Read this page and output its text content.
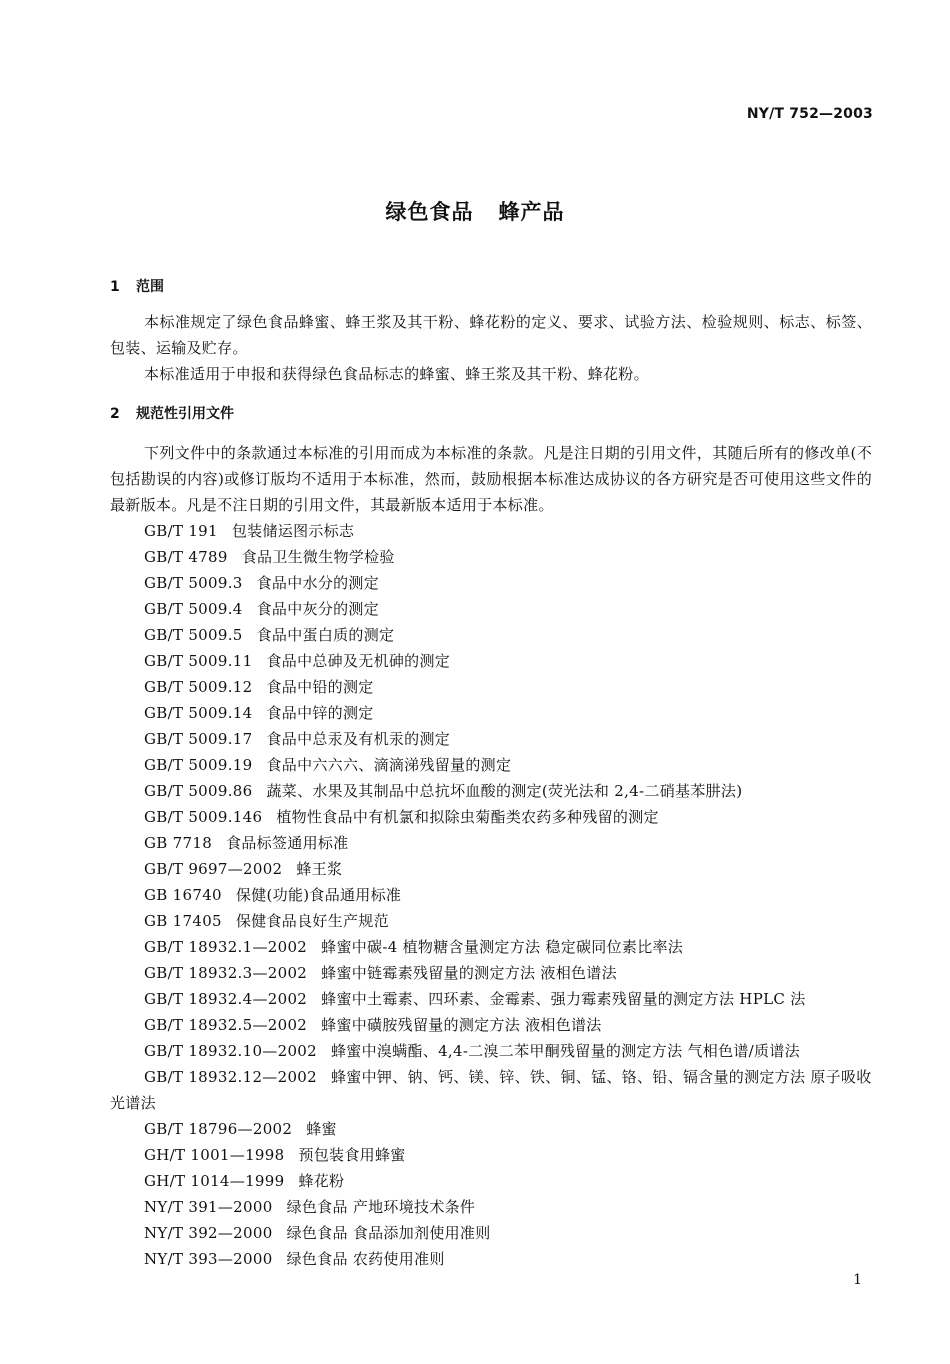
NY/T 752—2003
绿色食品   蜂产品
1 范围
本标准规定了绿色食品蜂蜜、蜂王浆及其干粉、蜂花粉的定义、要求、试验方法、检验规则、标志、标签、包装、运输及贮存。
本标准适用于申报和获得绿色食品标志的蜂蜜、蜂王浆及其干粉、蜂花粉。
2 规范性引用文件
下列文件中的条款通过本标准的引用而成为本标准的条款。凡是注日期的引用文件，其随后所有的修改单(不包括勘误的内容)或修订版均不适用于本标准，然而，鼓励根据本标准达成协议的各方研究是否可使用这些文件的最新版本。凡是不注日期的引用文件，其最新版本适用于本标准。
GB/T 191 包装储运图示标志
GB/T 4789 食品卫生微生物学检验
GB/T 5009.3 食品中水分的测定
GB/T 5009.4 食品中灰分的测定
GB/T 5009.5 食品中蛋白质的测定
GB/T 5009.11 食品中总砷及无机砷的测定
GB/T 5009.12 食品中铅的测定
GB/T 5009.14 食品中锌的测定
GB/T 5009.17 食品中总汞及有机汞的测定
GB/T 5009.19 食品中六六六、滴滴涕残留量的测定
GB/T 5009.86 蔬菜、水果及其制品中总抗坏血酸的测定(荧光法和 2,4-二硝基苯肼法)
GB/T 5009.146 植物性食品中有机氯和拟除虫菊酯类农药多种残留的测定
GB 7718 食品标签通用标准
GB/T 9697—2002 蜂王浆
GB 16740 保健(功能)食品通用标准
GB 17405 保健食品良好生产规范
GB/T 18932.1—2002 蜂蜜中碳-4 植物糖含量测定方法 稳定碳同位素比率法
GB/T 18932.3—2002 蜂蜜中链霉素残留量的测定方法 液相色谱法
GB/T 18932.4—2002 蜂蜜中土霉素、四环素、金霉素、强力霉素残留量的测定方法 HPLC 法
GB/T 18932.5—2002 蜂蜜中磺胺残留量的测定方法 液相色谱法
GB/T 18932.10—2002 蜂蜜中溴螨酯、4,4-二溴二苯甲酮残留量的测定方法 气相色谱/质谱法
GB/T 18932.12—2002 蜂蜜中钾、钠、钙、镁、锌、铁、铜、锰、铬、铅、镉含量的测定方法 原子吸收
光谱法
GB/T 18796—2002 蜂蜜
GH/T 1001—1998 预包装食用蜂蜜
GH/T 1014—1999 蜂花粉
NY/T 391—2000 绿色食品 产地环境技术条件
NY/T 392—2000 绿色食品 食品添加剂使用准则
NY/T 393—2000 绿色食品 农药使用准则
1
